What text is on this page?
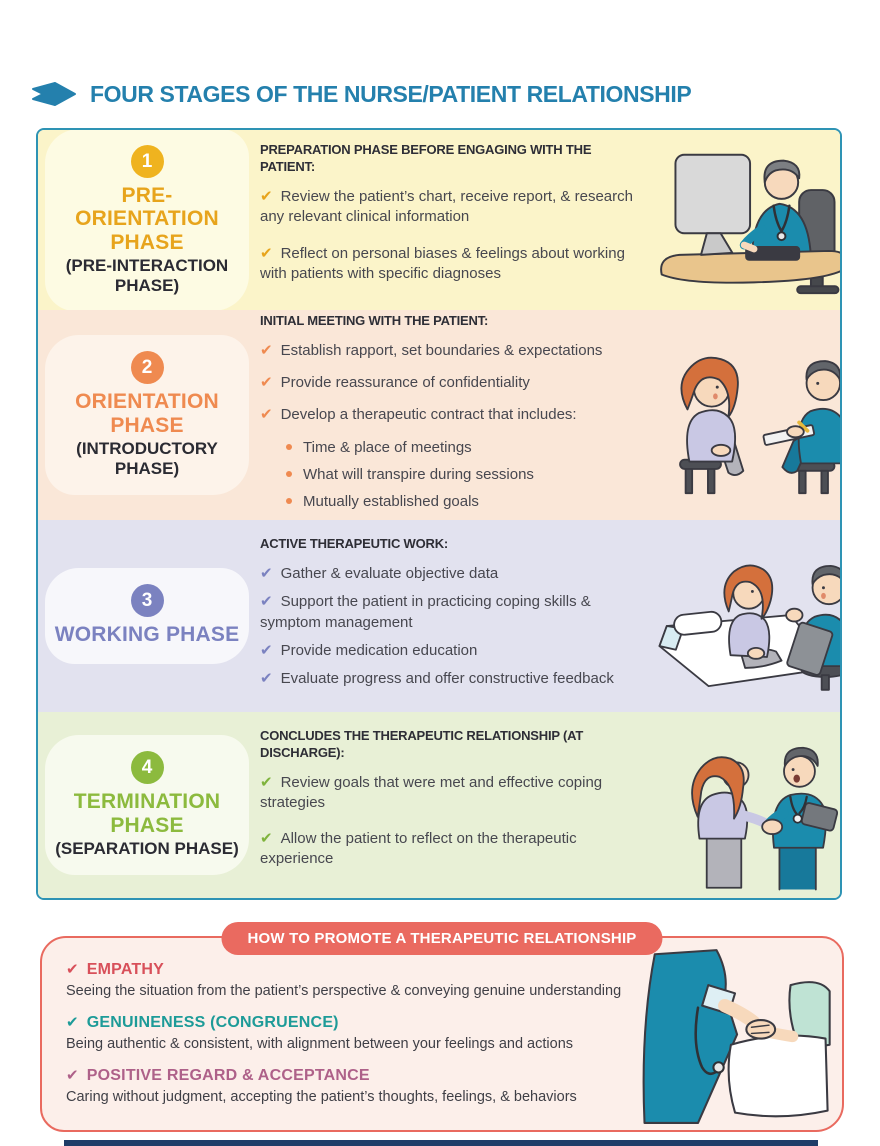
FOUR STAGES OF THE NURSE/PATIENT RELATIONSHIP
1
PRE-ORIENTATION PHASE
(PRE-INTERACTION PHASE)
PREPARATION PHASE BEFORE ENGAGING WITH THE PATIENT:
✔ Review the patient’s chart, receive report, & research any relevant clinical information
✔ Reflect on personal biases & feelings about working with patients with specific diagnoses
2
ORIENTATION PHASE
(INTRODUCTORY PHASE)
INITIAL MEETING WITH THE PATIENT:
✔ Establish rapport, set boundaries & expectations
✔ Provide reassurance of confidentiality
✔ Develop a therapeutic contract that includes:
Time & place of meetings
What will transpire during sessions
Mutually established goals
3
WORKING PHASE
ACTIVE THERAPEUTIC WORK:
✔ Gather & evaluate objective data
✔ Support the patient in practicing coping skills & symptom management
✔ Provide medication education
✔ Evaluate progress and offer constructive feedback
4
TERMINATION PHASE
(SEPARATION PHASE)
CONCLUDES THE THERAPEUTIC RELATIONSHIP (AT DISCHARGE):
✔ Review goals that were met and effective coping strategies
✔ Allow the patient to reflect on the therapeutic experience
HOW TO PROMOTE A THERAPEUTIC RELATIONSHIP
✔ EMPATHY
Seeing the situation from the patient’s perspective & conveying genuine understanding
✔ GENUINENESS (CONGRUENCE)
Being authentic & consistent, with alignment between your feelings and actions
✔ POSITIVE REGARD & ACCEPTANCE
Caring without judgment, accepting the patient’s thoughts, feelings, & behaviors
